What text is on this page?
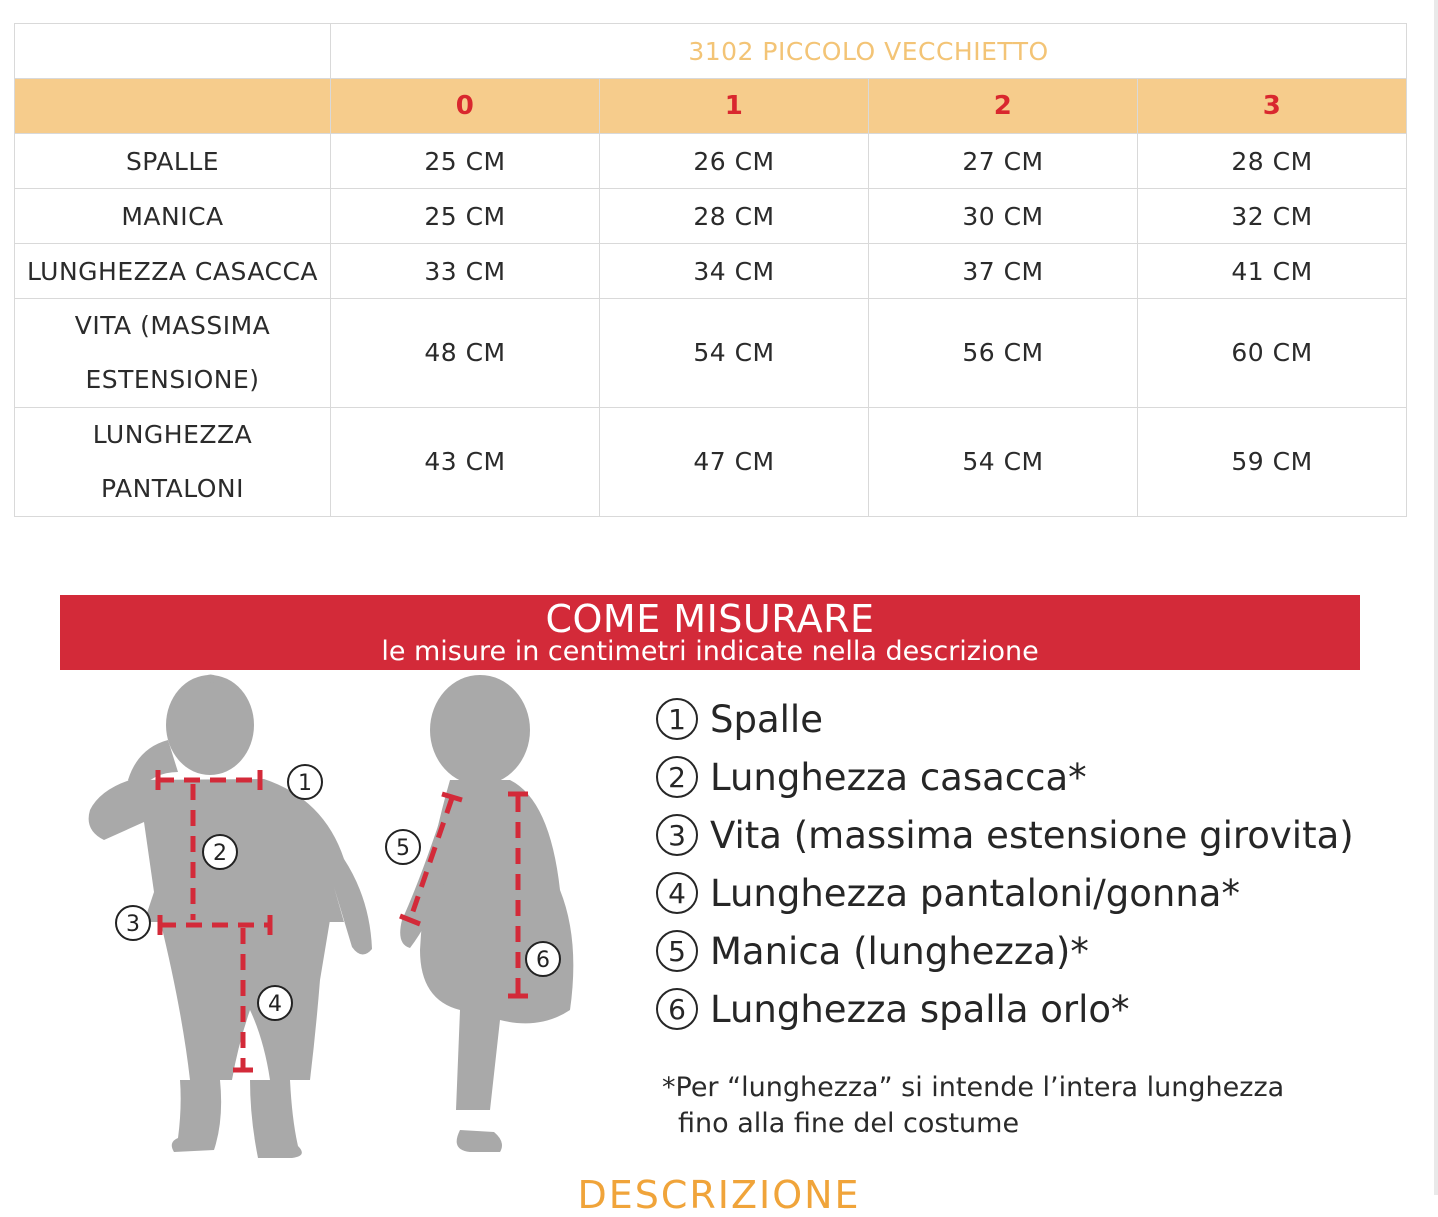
	3102 PICCOLO VECCHIETTO			
	0	1	2	3
SPALLE	25 CM	26 CM	27 CM	28 CM
MANICA	25 CM	28 CM	30 CM	32 CM
LUNGHEZZA CASACCA	33 CM	34 CM	37 CM	41 CM

VITA (MASSIMA
ESTENSIONE)	48 CM	54 CM	56 CM	60 CM

LUNGHEZZA
PANTALONI	43 CM	47 CM	54 CM	59 CM
COME MISURARE
le misure in centimetri indicate nella descrizione
1
2
3
4
5
6
1 Spalle
2 Lunghezza casacca*
3 Vita (massima estensione girovita)
4 Lunghezza pantaloni/gonna*
5 Manica (lunghezza)*
6 Lunghezza spalla orlo*
*Per “lunghezza” si intende l’intera lunghezza
fino alla fine del costume
DESCRIZIONE
